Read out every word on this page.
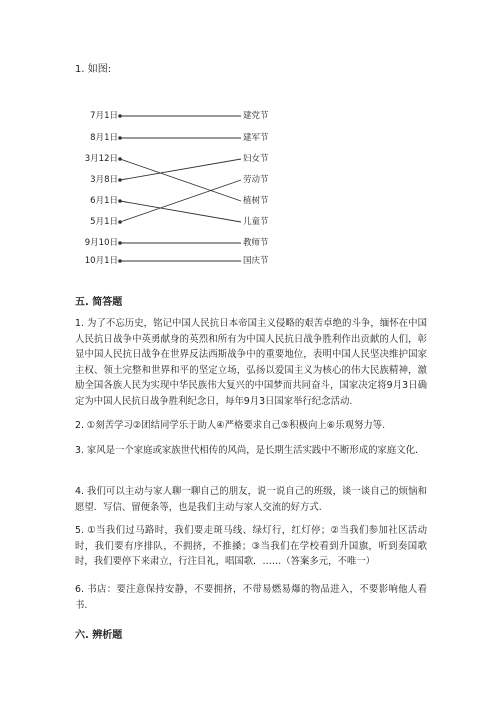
1. 如图:
7月1日
8月1日
3月12日
3月8日
6月1日
5月1日
9月10日
10月1日
建党节
建军节
妇女节
劳动节
植树节
儿童节
教师节
国庆节
五. 简答题
1. 为了不忘历史，铭记中国人民抗日本帝国主义侵略的艰苦卓绝的斗争，缅怀在中国人民抗日战争中英勇献身的英烈和所有为中国人民抗日战争胜利作出贡献的人们，彰显中国人民抗日战争在世界反法西斯战争中的重要地位，表明中国人民坚决维护国家主权、领土完整和世界和平的坚定立场，弘扬以爱国主义为核心的伟大民族精神，激励全国各族人民为实现中华民族伟大复兴的中国梦而共同奋斗，国家决定将9月3日确定为中国人民抗日战争胜利纪念日，每年9月3日国家举行纪念活动.
2. ①刻苦学习②团结同学乐于助人④严格要求自己⑤积极向上⑥乐观努力等.
3. 家风是一个家庭或家族世代相传的风尚，是长期生活实践中不断形成的家庭文化.
4. 我们可以主动与家人聊一聊自己的朋友，说一说自己的班级，谈一谈自己的烦恼和愿望．写信、留便条等，也是我们主动与家人交流的好方式.
5. ①当我们过马路时，我们要走斑马线、绿灯行，红灯停；②当我们参加社区活动时，我们要有序排队，不拥挤，不推搡；③当我们在学校看到升国旗，听到奏国歌时，我们要停下来肃立，行注目礼，唱国歌．……（答案多元，不唯一）
6. 书店：要注意保持安静，不要拥挤，不带易燃易爆的物品进入，不要影响他人看书.
六. 辨析题
